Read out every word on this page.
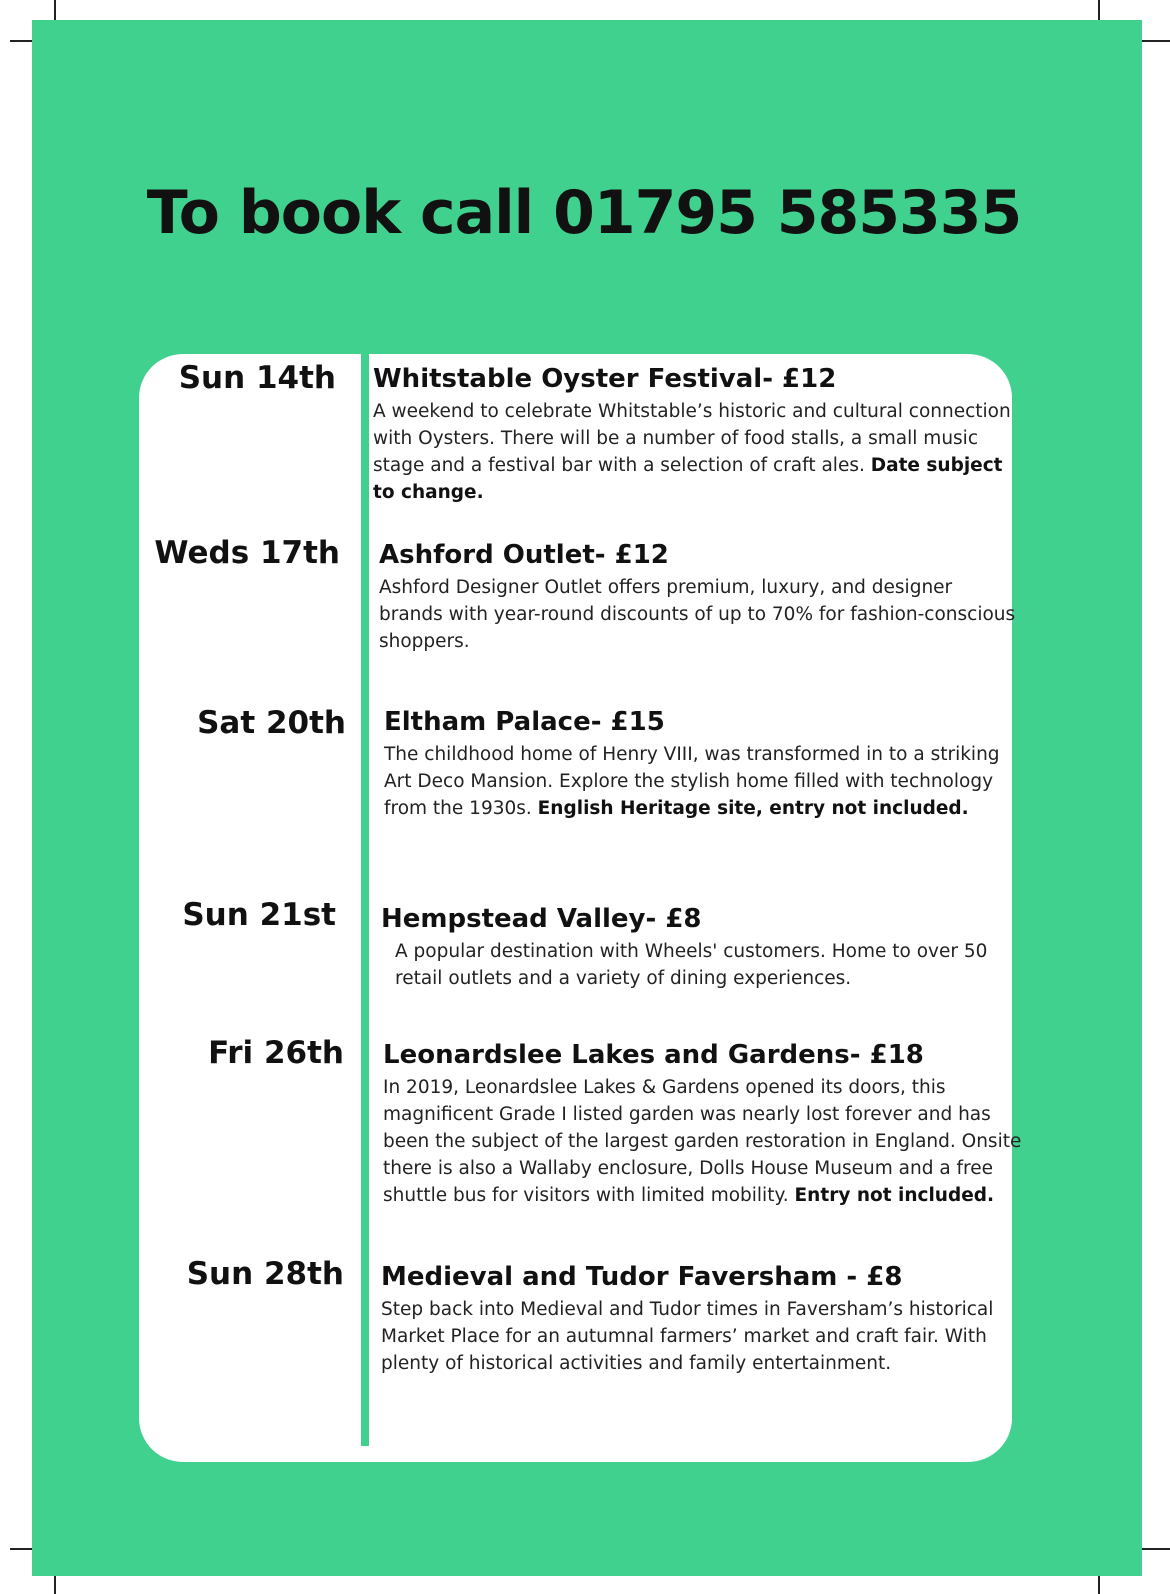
To book call 01795 585335
Sun 14th Whitstable Oyster Festival- £12

A weekend to celebrate Whitstable’s historic and cultural connection with Oysters. There will be a number of food stalls, a small music stage and a festival bar with a selection of craft ales. Date subject to change.

Weds 17th Ashford Outlet- £12

Ashford Designer Outlet offers premium, luxury, and designer brands with year-round discounts of up to 70% for fashion-conscious shoppers.

Sat 20th Eltham Palace- £15

The childhood home of Henry VIII, was transformed in to a striking Art Deco Mansion. Explore the stylish home filled with technology from the 1930s. English Heritage site, entry not included.

Sun 21st Hempstead Valley- £8

A popular destination with Wheels' customers. Home to over 50 retail outlets and a variety of dining experiences.

Fri 26th Leonardslee Lakes and Gardens- £18

In 2019, Leonardslee Lakes & Gardens opened its doors, this magnificent Grade I listed garden was nearly lost forever and has been the subject of the largest garden restoration in England. Onsite there is also a Wallaby enclosure, Dolls House Museum and a free shuttle bus for visitors with limited mobility. Entry not included.

Sun 28th Medieval and Tudor Faversham - £8

Step back into Medieval and Tudor times in Faversham’s historical Market Place for an autumnal farmers’ market and craft fair. With plenty of historical activities and family entertainment.
